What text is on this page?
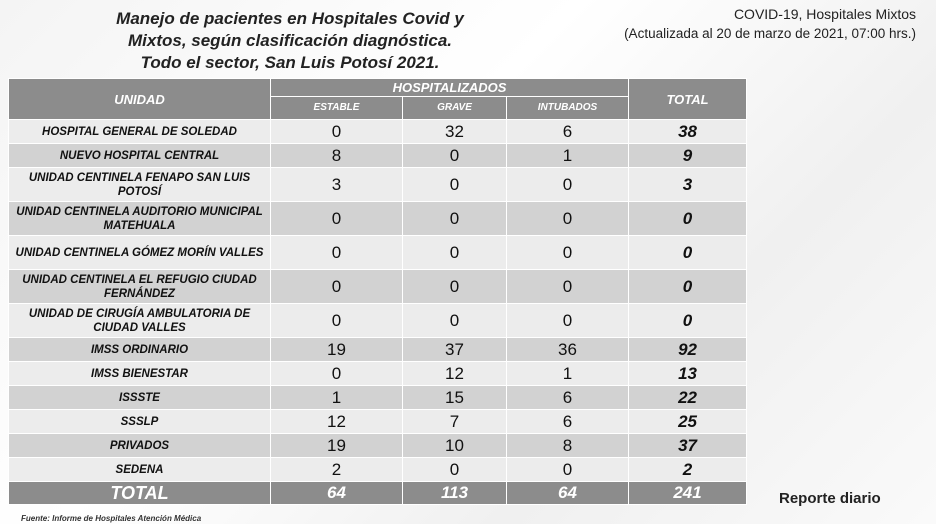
Manejo de pacientes en Hospitales Covid y
Mixtos, según clasificación diagnóstica.
Todo el sector, San Luis Potosí 2021.
COVID-19, Hospitales Mixtos
(Actualizada al 20 de marzo de 2021, 07:00 hrs.)
UNIDAD	HOSPITALIZADOS			TOTAL
	ESTABLE	GRAVE	INTUBADOS	
HOSPITAL GENERAL DE SOLEDAD	0	32	6	38
NUEVO HOSPITAL CENTRAL	8	0	1	9
UNIDAD CENTINELA FENAPO SAN LUIS POTOSÍ	3	0	0	3
UNIDAD CENTINELA AUDITORIO MUNICIPAL MATEHUALA	0	0	0	0
UNIDAD CENTINELA GÓMEZ MORÍN VALLES	0	0	0	0
UNIDAD CENTINELA EL REFUGIO CIUDAD FERNÁNDEZ	0	0	0	0
UNIDAD DE CIRUGÍA AMBULATORIA DE CIUDAD VALLES	0	0	0	0
IMSS ORDINARIO	19	37	36	92
IMSS BIENESTAR	0	12	1	13
ISSSTE	1	15	6	22
SSSLP	12	7	6	25
PRIVADOS	19	10	8	37
SEDENA	2	0	0	2
TOTAL	64	113	64	241	Reporte diario
Fuente: Informe de Hospitales Atención Médica
